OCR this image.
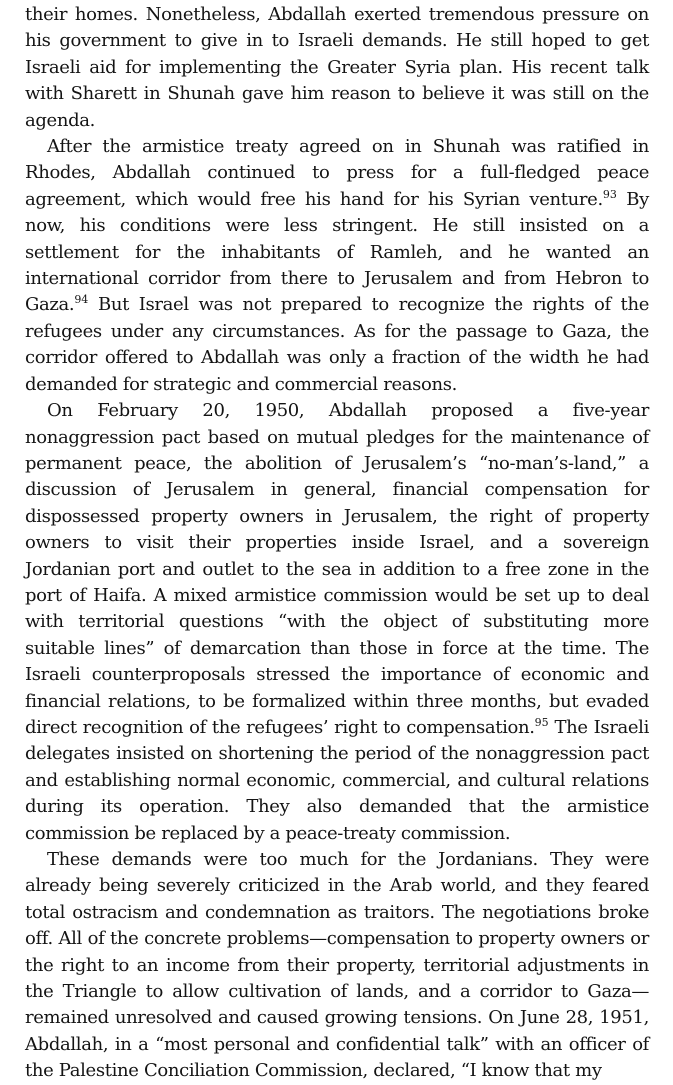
their homes. Nonetheless, Abdallah exerted tremendous pressure on his government to give in to Israeli demands. He still hoped to get Israeli aid for implementing the Greater Syria plan. His recent talk with Sharett in Shunah gave him reason to believe it was still on the agenda.

After the armistice treaty agreed on in Shunah was ratified in Rhodes, Abdallah continued to press for a full-fledged peace agreement, which would free his hand for his Syrian venture.$^{93}$ By now, his conditions were less stringent. He still insisted on a settlement for the inhabitants of Ramleh, and he wanted an international corridor from there to Jerusalem and from Hebron to Gaza.$^{94}$ But Israel was not prepared to recognize the rights of the refugees under any circumstances. As for the passage to Gaza, the corridor offered to Abdallah was only a fraction of the width he had demanded for strategic and commercial reasons.

On February 20, 1950, Abdallah proposed a five-year nonaggression pact based on mutual pledges for the maintenance of permanent peace, the abolition of Jerusalem’s “no-man’s-land,” a discussion of Jerusalem in general, financial compensation for dispossessed property owners in Jerusalem, the right of property owners to visit their properties inside Israel, and a sovereign Jordanian port and outlet to the sea in addition to a free zone in the port of Haifa. A mixed armistice commission would be set up to deal with territorial questions “with the object of substituting more suitable lines” of demarcation than those in force at the time. The Israeli counterproposals stressed the importance of economic and financial relations, to be formalized within three months, but evaded direct recognition of the refugees’ right to compensation.$^{95}$ The Israeli delegates insisted on shortening the period of the nonaggression pact and establishing normal economic, commercial, and cultural relations during its operation. They also demanded that the armistice commission be replaced by a peace-treaty commission.

These demands were too much for the Jordanians. They were already being severely criticized in the Arab world, and they feared total ostracism and condemnation as traitors. The negotiations broke off. All of the concrete problems—compensation to property owners or the right to an income from their property, territorial adjustments in the Triangle to allow cultivation of lands, and a corridor to Gaza—remained unresolved and caused growing tensions. On June 28, 1951, Abdallah, in a “most personal and confidential talk” with an officer of the Palestine Conciliation Commission, declared, “I know that my
